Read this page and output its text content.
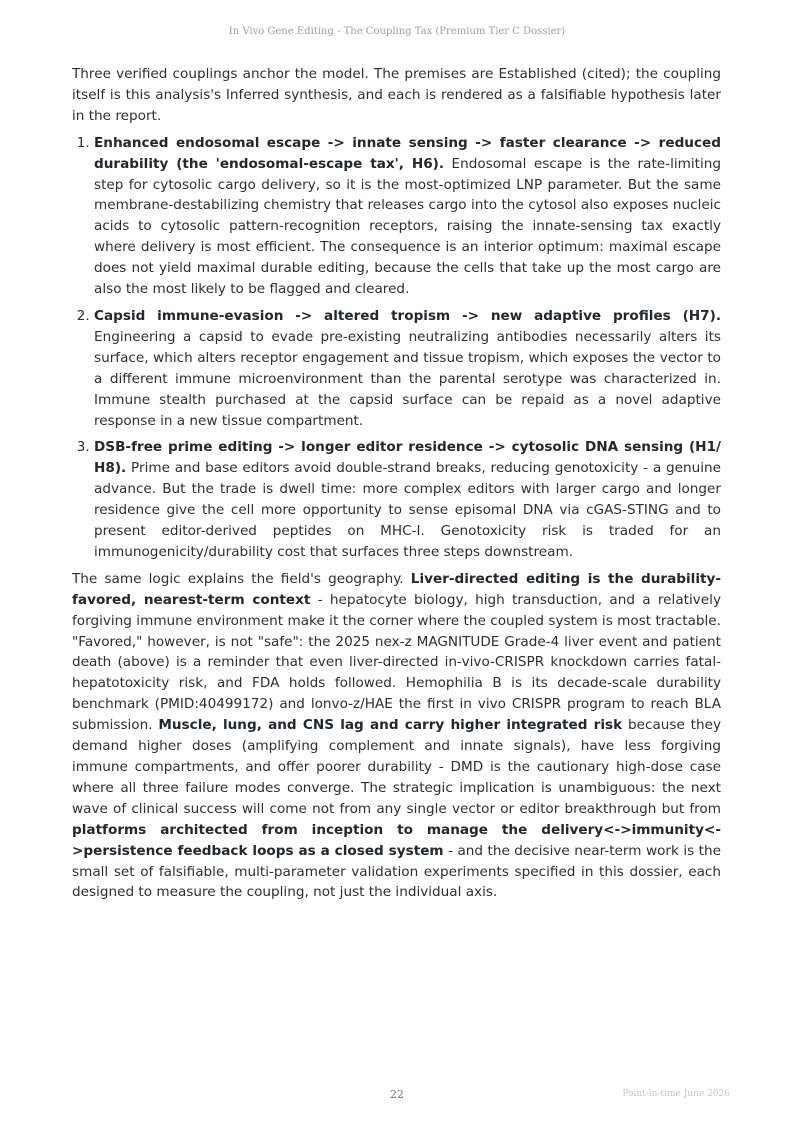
In Vivo Gene Editing - The Coupling Tax (Premium Tier C Dossier)

Three verified couplings anchor the model. The premises are Established (cited); the coupling itself is this analysis's Inferred synthesis, and each is rendered as a falsifiable hypothesis later in the report.

1. Enhanced endosomal escape -> innate sensing -> faster clearance -> reduced durability (the 'endosomal-escape tax', H6). Endosomal escape is the rate-limiting step for cytosolic cargo delivery, so it is the most-optimized LNP parameter. But the same membrane-destabilizing chemistry that releases cargo into the cytosol also exposes nucleic acids to cytosolic pattern-recognition receptors, raising the innate-sensing tax exactly where delivery is most efficient. The consequence is an interior optimum: maximal escape does not yield maximal durable editing, because the cells that take up the most cargo are also the most likely to be flagged and cleared.
2. Capsid immune-evasion -> altered tropism -> new adaptive profiles (H7). Engineering a capsid to evade pre-existing neutralizing antibodies necessarily alters its surface, which alters receptor engagement and tissue tropism, which exposes the vector to a different immune microenvironment than the parental serotype was characterized in. Immune stealth purchased at the capsid surface can be repaid as a novel adaptive response in a new tissue compartment.
3. DSB-free prime editing -> longer editor residence -> cytosolic DNA sensing (H1/ H8). Prime and base editors avoid double-strand breaks, reducing genotoxicity - a genuine advance. But the trade is dwell time: more complex editors with larger cargo and longer residence give the cell more opportunity to sense episomal DNA via cGAS-STING and to present editor-derived peptides on MHC-I. Genotoxicity risk is traded for an immunogenicity/durability cost that surfaces three steps downstream.

The same logic explains the field's geography. Liver-directed editing is the durability-favored, nearest-term context - hepatocyte biology, high transduction, and a relatively forgiving immune environment make it the corner where the coupled system is most tractable. "Favored," however, is not "safe": the 2025 nex-z MAGNITUDE Grade-4 liver event and patient death (above) is a reminder that even liver-directed in-vivo-CRISPR knockdown carries fatal-hepatotoxicity risk, and FDA holds followed. Hemophilia B is its decade-scale durability benchmark (PMID:40499172) and lonvo-z/HAE the first in vivo CRISPR program to reach BLA submission. Muscle, lung, and CNS lag and carry higher integrated risk because they demand higher doses (amplifying complement and innate signals), have less forgiving immune compartments, and offer poorer durability - DMD is the cautionary high-dose case where all three failure modes converge. The strategic implication is unambiguous: the next wave of clinical success will come not from any single vector or editor breakthrough but from platforms architected from inception to manage the delivery<->immunity<->persistence feedback loops as a closed system - and the decisive near-term work is the small set of falsifiable, multi-parameter validation experiments specified in this dossier, each designed to measure the coupling, not just the individual axis.

22	Point-in-time June 2026
